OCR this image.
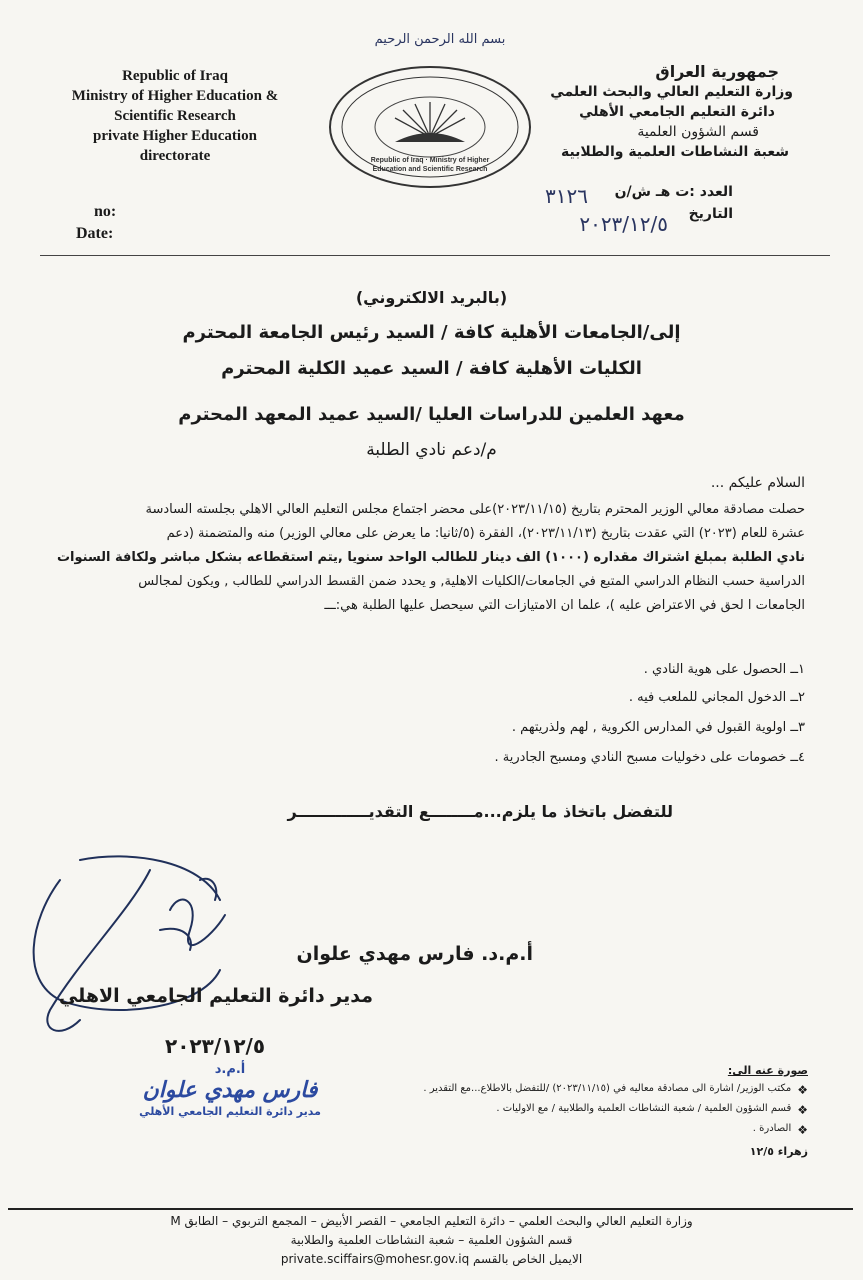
بسم الله الرحمن الرحيم
Republic of Iraq
Ministry of Higher Education &
Scientific Research
private Higher Education
directorate
no:
Date:
Republic of Iraq · Ministry of Higher Education and Scientific Research
جمهورية العراق
وزارة التعليم العالي والبحث العلمي
دائرة التعليم الجامعي الأهلي
قسم الشؤون العلمية
شعبة النشاطات العلمية والطلابية
العدد :ت هـ ش/ن
٣١٢٦
التاريخ
٢٠٢٣/١٢/٥
(بالبريد الالكتروني)
إلى/الجامعات الأهلية كافة / السيد رئيس الجامعة المحترم
الكليات الأهلية كافة / السيد عميد الكلية المحترم
معهد العلمين للدراسات العليا /السيد عميد المعهد المحترم
م/دعم نادي الطلبة
السلام عليكم ...
حصلت مصادقة معالي الوزير المحترم بتاريخ (٢٠٢٣/١١/١٥)على محضر اجتماع مجلس التعليم العالي الاهلي بجلسته السادسة
عشرة للعام (٢٠٢٣) التي عقدت بتاريخ (٢٠٢٣/١١/١٣)، الفقرة (٥/ثانيا: ما يعرض على معالي الوزير) منه والمتضمنة (دعم
نادي الطلبة بمبلغ اشتراك مقداره (١٠٠٠) الف دينار للطالب الواحد سنويا ,يتم استقطاعه بشكل مباشر ولكافة السنوات
الدراسية حسب النظام الدراسي المتبع في الجامعات/الكليات الاهلية, و يحدد ضمن القسط الدراسي للطالب , ويكون لمجالس
الجامعات ا لحق في الاعتراض عليه )، علما ان الامتيازات التي سيحصل عليها الطلبة هي:ـــ
١ــ الحصول على هوية النادي .
٢ــ الدخول المجاني للملعب فيه .
٣ــ اولوية القبول في المدارس الكروية , لهم ولذريتهم .
٤ــ خصومات على دخوليات مسبح النادي ومسبح الجادرية .
للتفضل باتخاذ ما يلزم...مــــــــع التقديـــــــــــــر
أ.م.د. فارس مهدي علوان
مدير دائرة التعليم الجامعي الاهلي
٢٠٢٣/١٢/٥
أ.م.د
فارس مهدي علوان
مدير دائرة التعليم الجامعي الأهلي
صورة عنه الى:
❖
مكتب الوزير/ اشارة الى مصادقة معاليه في (٢٠٢٣/١١/١٥) /للتفضل بالاطلاع...مع التقدير .
❖
قسم الشؤون العلمية / شعبة النشاطات العلمية والطلابية / مع الاوليات .
❖
الصادرة .
زهراء ١٢/٥
وزارة التعليم العالي والبحث العلمي – دائرة التعليم الجامعي – القصر الأبيض – المجمع التربوي – الطابق M
قسم الشؤون العلمية – شعبة النشاطات العلمية والطلابية
الايميل الخاص بالقسم private.sciffairs@mohesr.gov.iq
